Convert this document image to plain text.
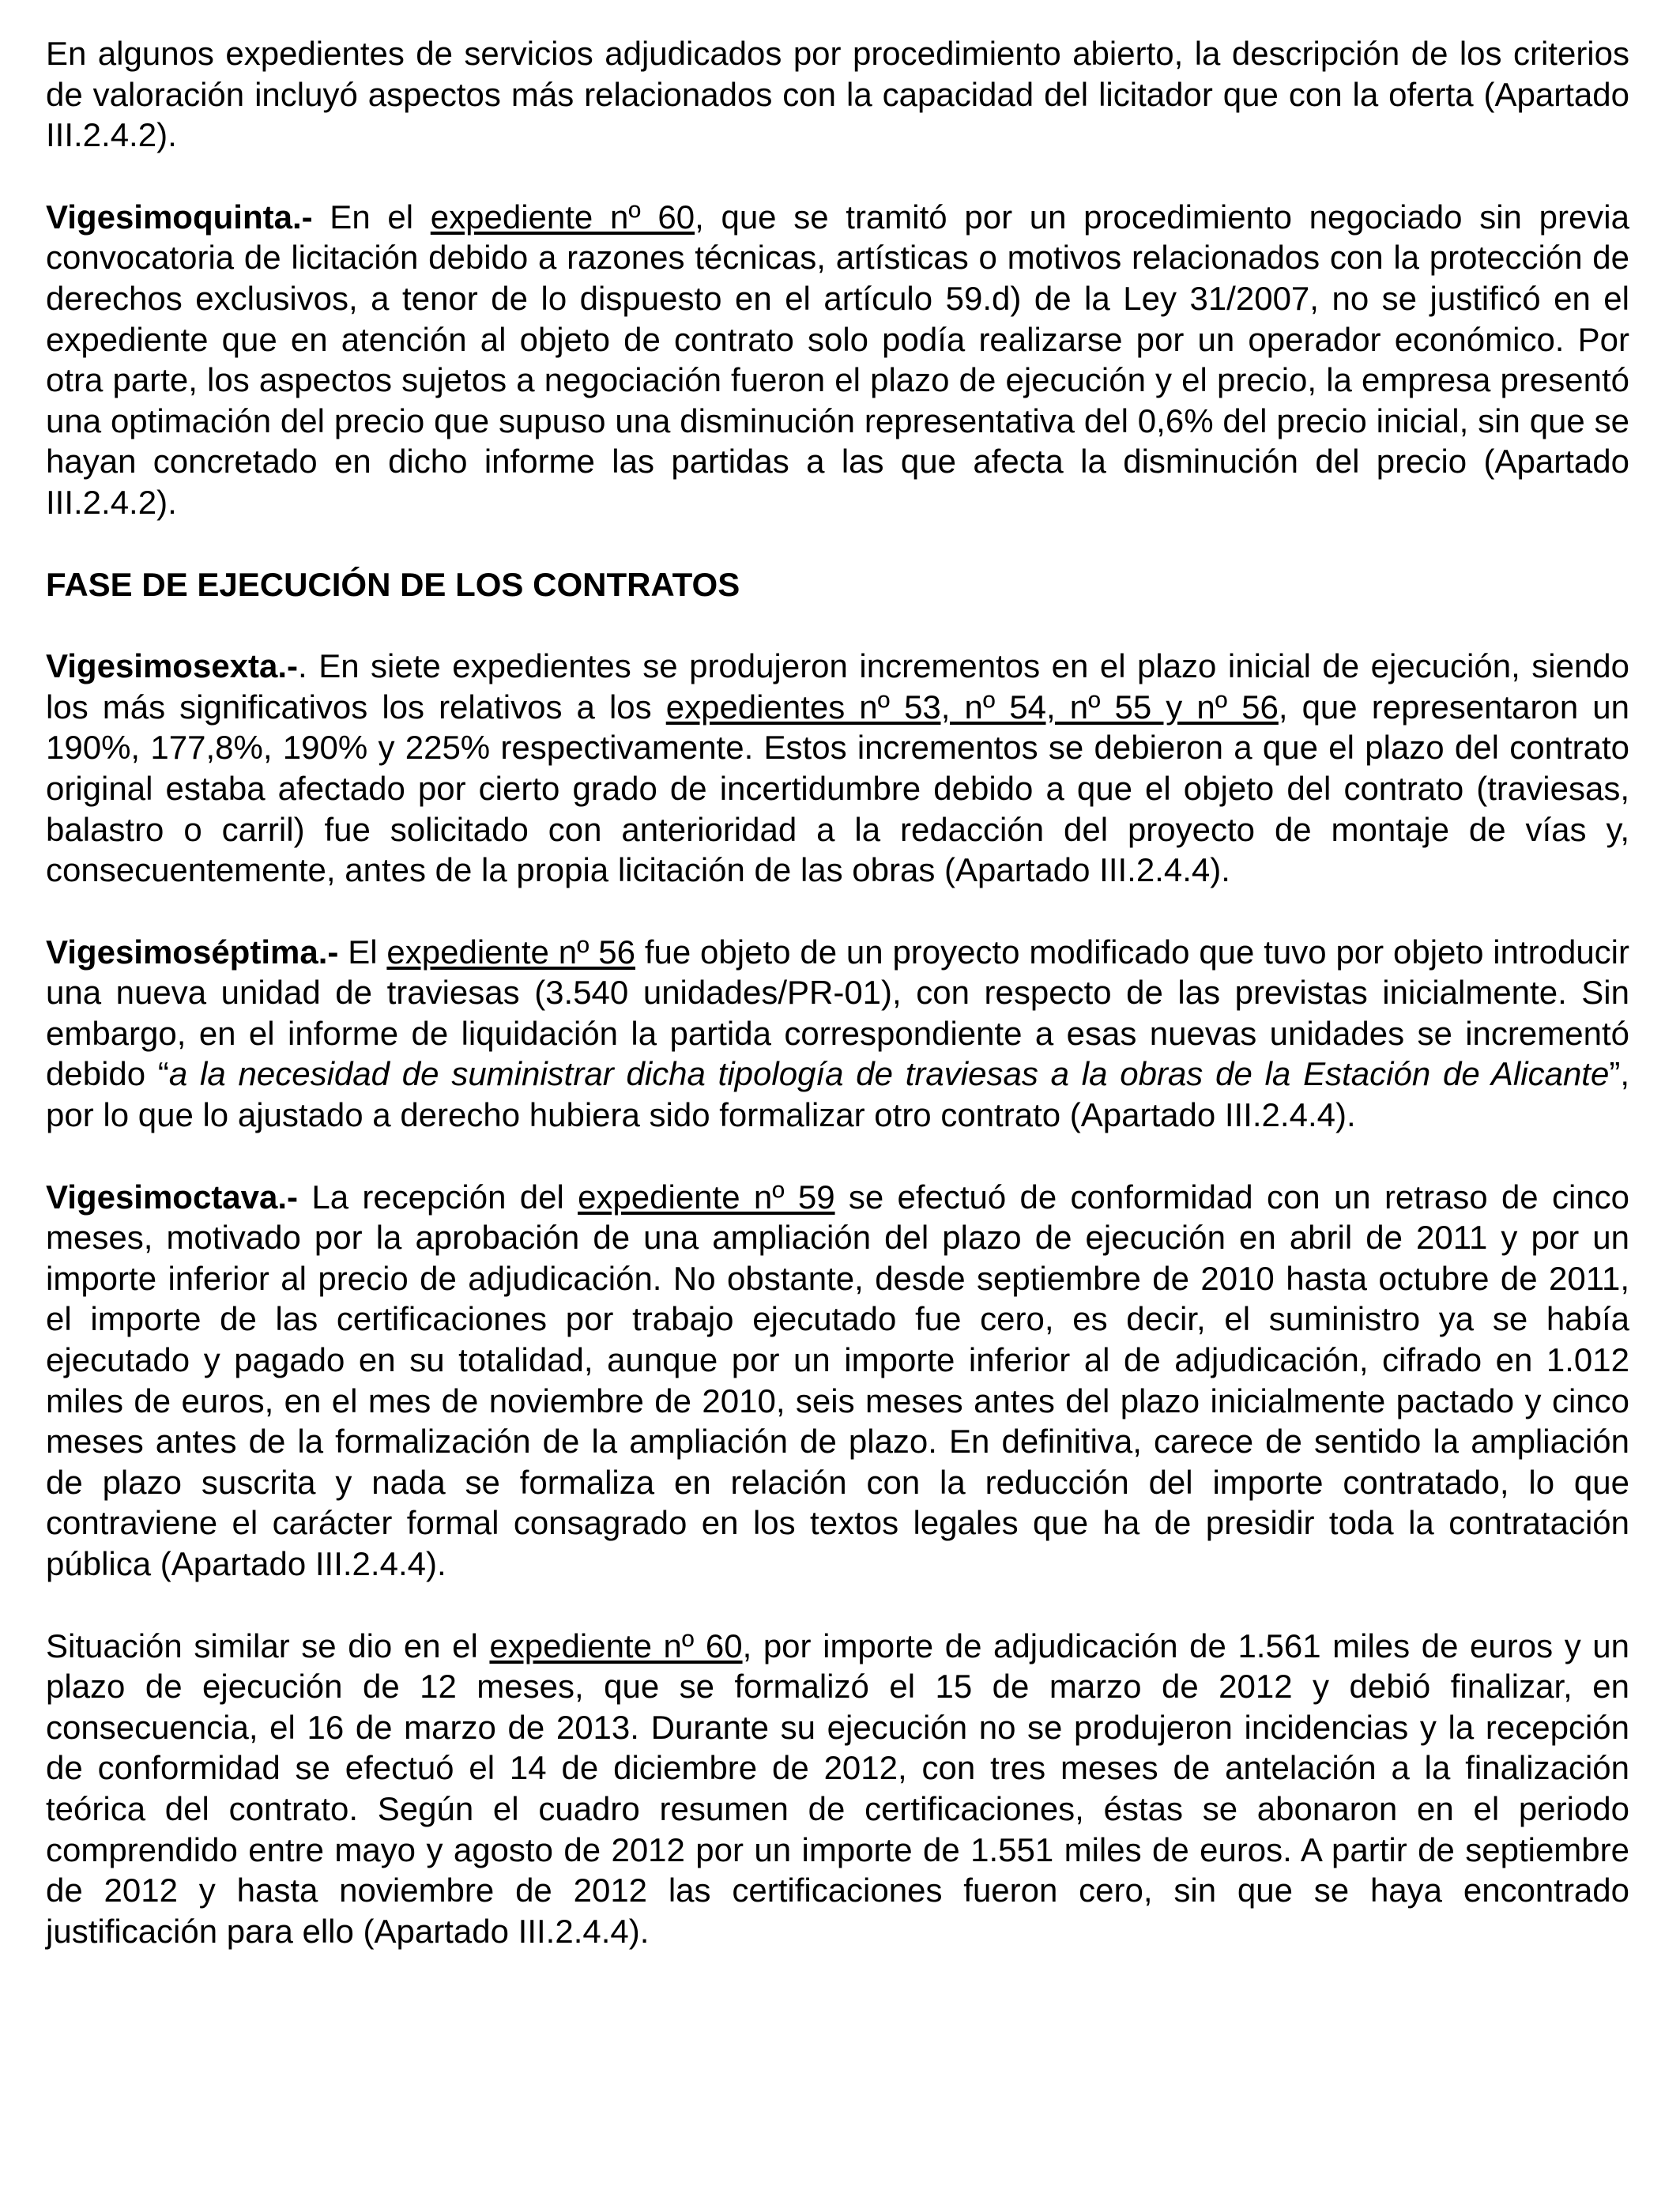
En algunos expedientes de servicios adjudicados por procedimiento abierto, la descripción de los criterios de valoración incluyó aspectos más relacionados con la capacidad del licitador que con la oferta (Apartado III.2.4.2).

Vigesimoquinta.- En el expediente nº 60, que se tramitó por un procedimiento negociado sin previa convocatoria de licitación debido a razones técnicas, artísticas o motivos relacionados con la protección de derechos exclusivos, a tenor de lo dispuesto en el artículo 59.d) de la Ley 31/2007, no se justificó en el expediente que en atención al objeto de contrato solo podía realizarse por un operador económico. Por otra parte, los aspectos sujetos a negociación fueron el plazo de ejecución y el precio, la empresa presentó una optimación del precio que supuso una disminución representativa del 0,6% del precio inicial, sin que se hayan concretado en dicho informe las partidas a las que afecta la disminución del precio (Apartado III.2.4.2).

FASE DE EJECUCIÓN DE LOS CONTRATOS

Vigesimosexta.-. En siete expedientes se produjeron incrementos en el plazo inicial de ejecución, siendo los más significativos los relativos a los expedientes nº 53, nº 54, nº 55 y nº 56, que representaron un 190%, 177,8%, 190% y 225% respectivamente. Estos incrementos se debieron a que el plazo del contrato original estaba afectado por cierto grado de incertidumbre debido a que el objeto del contrato (traviesas, balastro o carril) fue solicitado con anterioridad a la redacción del proyecto de montaje de vías y, consecuentemente, antes de la propia licitación de las obras (Apartado III.2.4.4).

Vigesimoséptima.- El expediente nº 56 fue objeto de un proyecto modificado que tuvo por objeto introducir una nueva unidad de traviesas (3.540 unidades/PR-01), con respecto de las previstas inicialmente. Sin embargo, en el informe de liquidación la partida correspondiente a esas nuevas unidades se incrementó debido “a la necesidad de suministrar dicha tipología de traviesas a la obras de la Estación de Alicante”, por lo que lo ajustado a derecho hubiera sido formalizar otro contrato (Apartado III.2.4.4).

Vigesimoctava.- La recepción del expediente nº 59 se efectuó de conformidad con un retraso de cinco meses, motivado por la aprobación de una ampliación del plazo de ejecución en abril de 2011 y por un importe inferior al precio de adjudicación. No obstante, desde septiembre de 2010 hasta octubre de 2011, el importe de las certificaciones por trabajo ejecutado fue cero, es decir, el suministro ya se había ejecutado y pagado en su totalidad, aunque por un importe inferior al de adjudicación, cifrado en 1.012 miles de euros, en el mes de noviembre de 2010, seis meses antes del plazo inicialmente pactado y cinco meses antes de la formalización de la ampliación de plazo. En definitiva, carece de sentido la ampliación de plazo suscrita y nada se formaliza en relación con la reducción del importe contratado, lo que contraviene el carácter formal consagrado en los textos legales que ha de presidir toda la contratación pública (Apartado III.2.4.4).

Situación similar se dio en el expediente nº 60, por importe de adjudicación de 1.561 miles de euros y un plazo de ejecución de 12 meses, que se formalizó el 15 de marzo de 2012 y debió finalizar, en consecuencia, el 16 de marzo de 2013. Durante su ejecución no se produjeron incidencias y la recepción de conformidad se efectuó el 14 de diciembre de 2012, con tres meses de antelación a la finalización teórica del contrato. Según el cuadro resumen de certificaciones, éstas se abonaron en el periodo comprendido entre mayo y agosto de 2012 por un importe de 1.551 miles de euros. A partir de septiembre de 2012 y hasta noviembre de 2012 las certificaciones fueron cero, sin que se haya encontrado justificación para ello (Apartado III.2.4.4).
